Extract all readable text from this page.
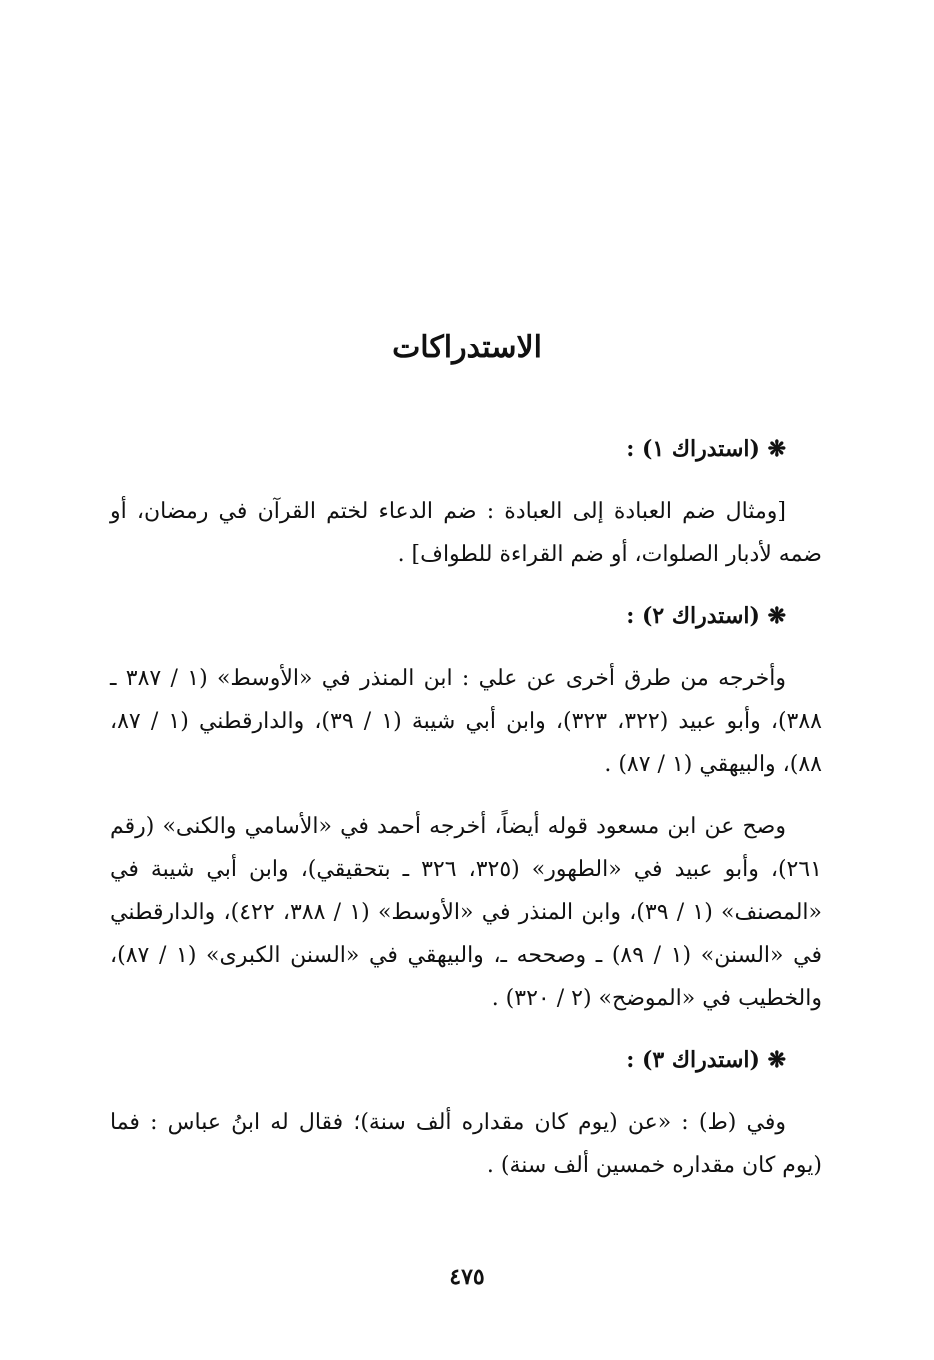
الاستدراكات
❋ (استدراك ١) :

[ومثال ضم العبادة إلى العبادة : ضم الدعاء لختم القرآن في رمضان، أو ضمه لأدبار الصلوات، أو ضم القراءة للطواف] .

❋ (استدراك ٢) :

وأخرجه من طرق أخرى عن علي : ابن المنذر في «الأوسط» (١ / ٣٨٧ ـ ٣٨٨)، وأبو عبيد (٣٢٢، ٣٢٣)، وابن أبي شيبة (١ / ٣٩)، والدارقطني (١ / ٨٧، ٨٨)، والبيهقي (١ / ٨٧) .

وصح عن ابن مسعود قوله أيضاً، أخرجه أحمد في «الأسامي والكنى» (رقم ٢٦١)، وأبو عبيد في «الطهور» (٣٢٥، ٣٢٦ ـ بتحقيقي)، وابن أبي شيبة في «المصنف» (١ / ٣٩)، وابن المنذر في «الأوسط» (١ / ٣٨٨، ٤٢٢)، والدارقطني في «السنن» (١ / ٨٩) ـ وصححه ـ، والبيهقي في «السنن الكبرى» (١ / ٨٧)، والخطيب في «الموضح» (٢ / ٣٢٠) .

❋ (استدراك ٣) :

وفي (ط) : «عن (يوم كان مقداره ألف سنة)؛ فقال له ابنُ عباس : فما (يوم كان مقداره خمسين ألف سنة) .

٤٧٥
